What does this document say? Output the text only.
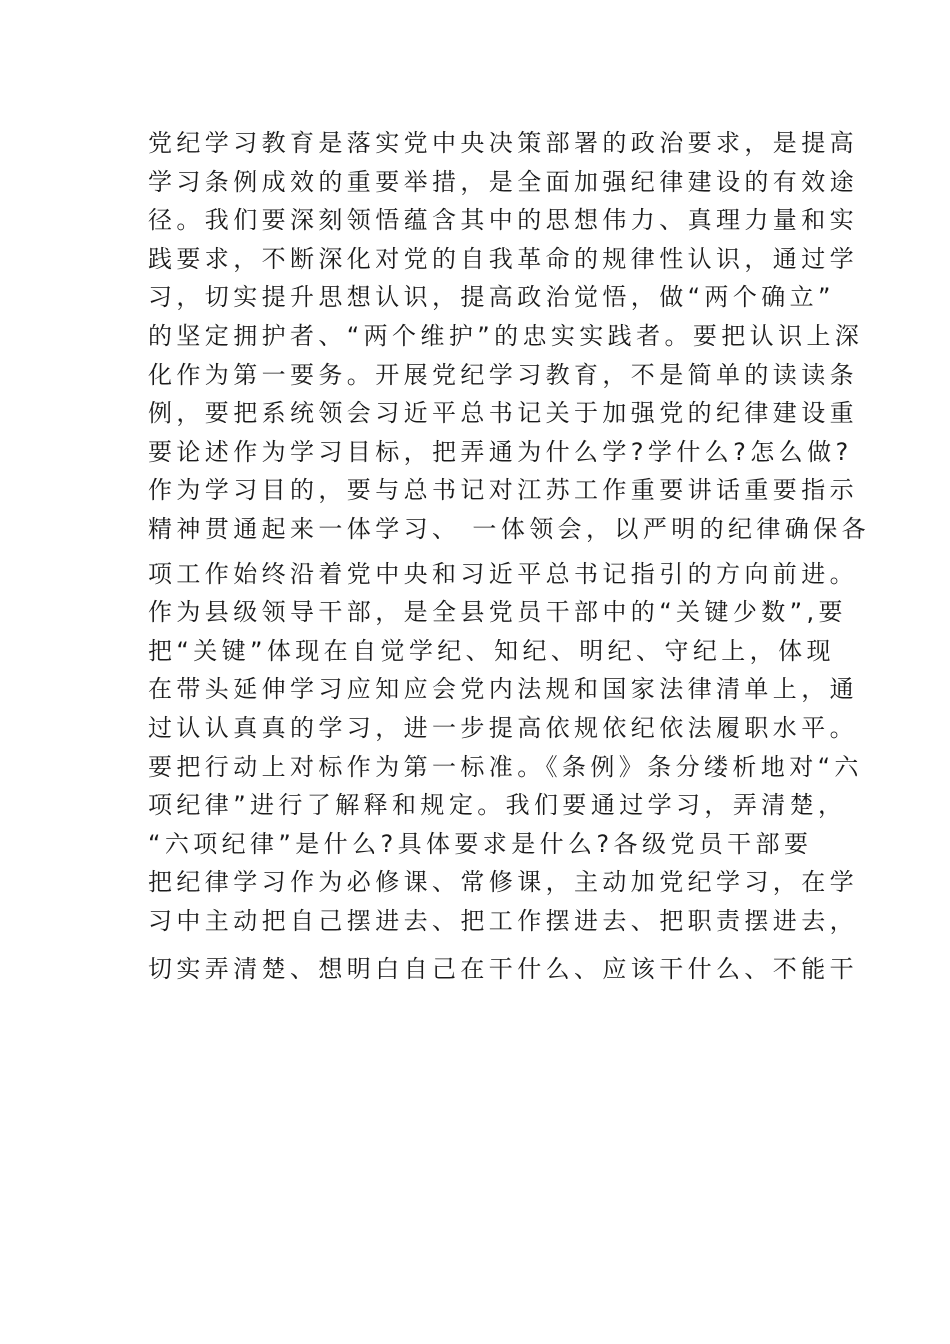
党纪学习教育是落实党中央决策部署的政治要求，是提高
学习条例成效的重要举措，是全面加强纪律建设的有效途
径。我们要深刻领悟蕴含其中的思想伟力、真理力量和实
践要求，不断深化对党的自我革命的规律性认识，通过学
习，切实提升思想认识，提高政治觉悟，做“两个确立”
的坚定拥护者、“两个维护”的忠实实践者。要把认识上深
化作为第一要务。开展党纪学习教育，不是简单的读读条
例，要把系统领会习近平总书记关于加强党的纪律建设重
要论述作为学习目标，把弄通为什么学?学什么?怎么做?
作为学习目的，要与总书记对江苏工作重要讲话重要指示
精神贯通起来一体学习、 一体领会，以严明的纪律确保各
项工作始终沿着党中央和习近平总书记指引的方向前进。
作为县级领导干部，是全县党员干部中的“关键少数”,要
把“关键”体现在自觉学纪、知纪、明纪、守纪上，体现
在带头延伸学习应知应会党内法规和国家法律清单上，通
过认认真真的学习，进一步提高依规依纪依法履职水平。
要把行动上对标作为第一标准。《条例》条分缕析地对“六
项纪律”进行了解释和规定。我们要通过学习，弄清楚，
“六项纪律”是什么?具体要求是什么?各级党员干部要
把纪律学习作为必修课、常修课，主动加党纪学习，在学
习中主动把自己摆进去、把工作摆进去、把职责摆进去，
切实弄清楚、想明白自己在干什么、应该干什么、不能干
